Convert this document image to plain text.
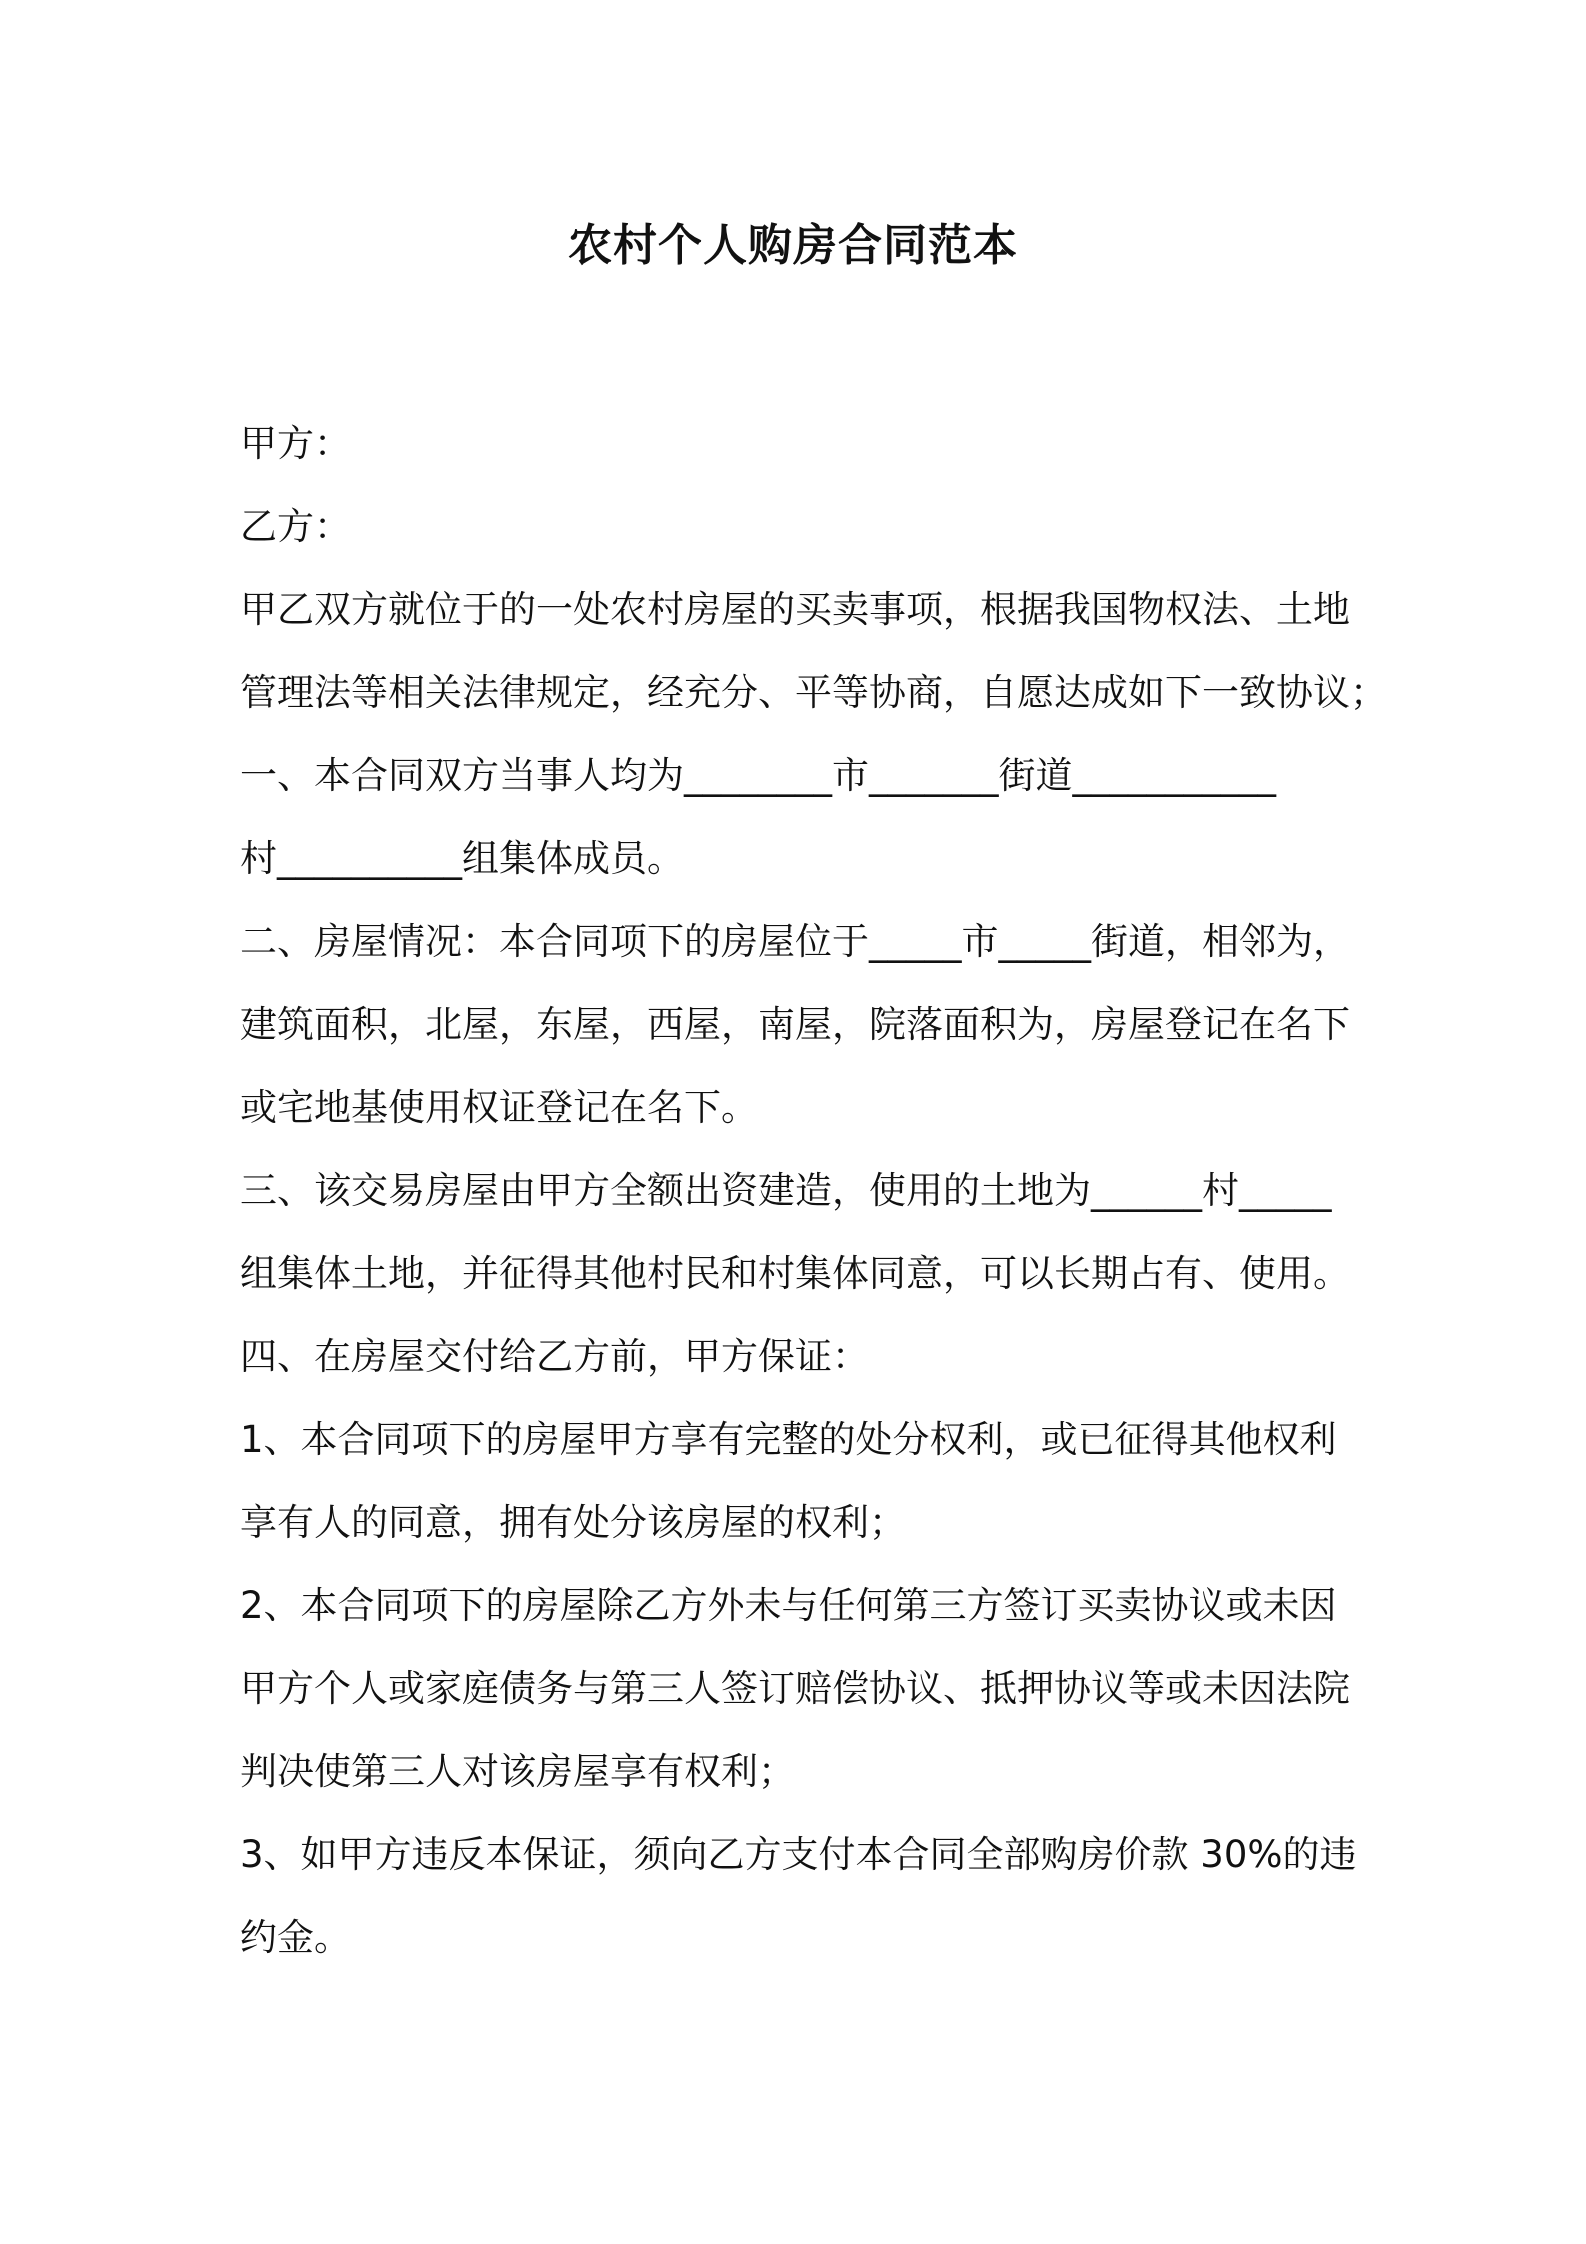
农村个人购房合同范本

甲方：

乙方：

甲乙双方就位于的一处农村房屋的买卖事项，根据我国物权法、土地

管理法等相关法律规定，经充分、平等协商，自愿达成如下一致协议；

一、本合同双方当事人均为________市_______街道___________

村__________组集体成员。

二、房屋情况：本合同项下的房屋位于_____市_____街道，相邻为，

建筑面积，北屋，东屋，西屋，南屋，院落面积为，房屋登记在名下

或宅地基使用权证登记在名下。

三、该交易房屋由甲方全额出资建造，使用的土地为______村_____

组集体土地，并征得其他村民和村集体同意，可以长期占有、使用。

四、在房屋交付给乙方前，甲方保证：

1、本合同项下的房屋甲方享有完整的处分权利，或已征得其他权利

享有人的同意，拥有处分该房屋的权利；

2、本合同项下的房屋除乙方外未与任何第三方签订买卖协议或未因

甲方个人或家庭债务与第三人签订赔偿协议、抵押协议等或未因法院

判决使第三人对该房屋享有权利；

3、如甲方违反本保证，须向乙方支付本合同全部购房价款 30%的违

约金。
